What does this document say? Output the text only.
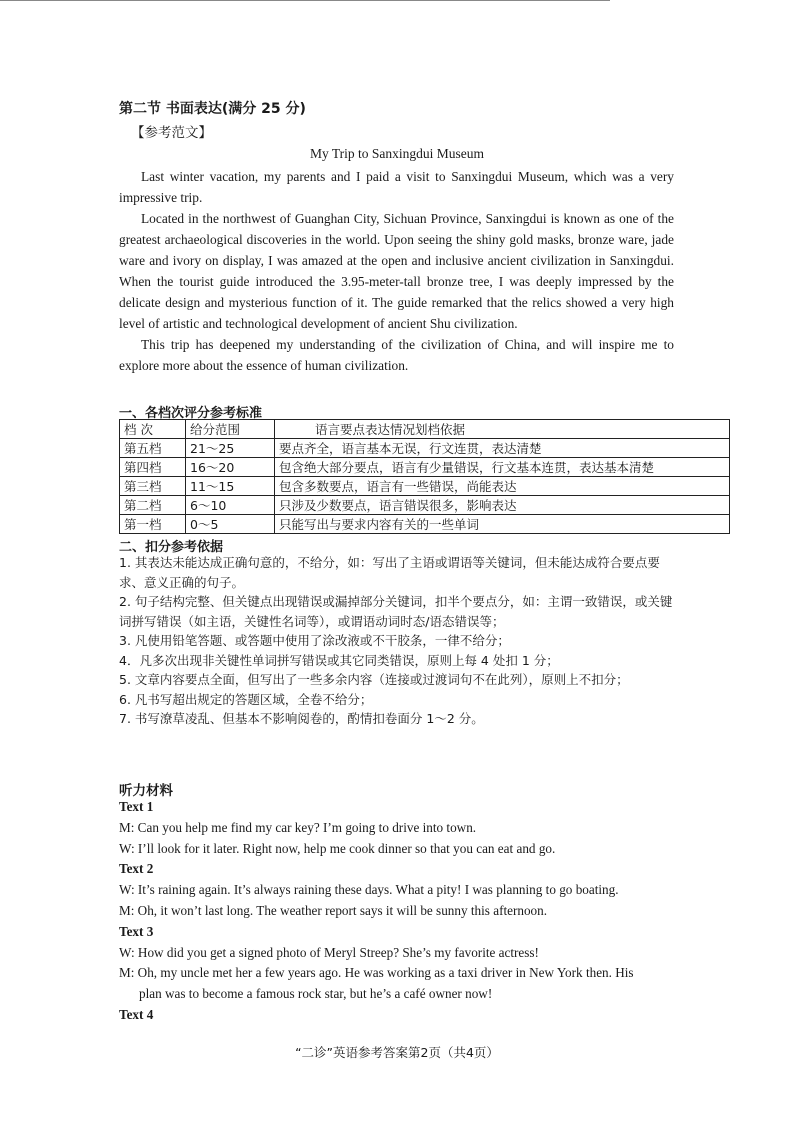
第二节 书面表达(满分 25 分)
【参考范文】
My Trip to Sanxingdui Museum

Last winter vacation, my parents and I paid a visit to Sanxingdui Museum, which was a very impressive trip.

Located in the northwest of Guanghan City, Sichuan Province, Sanxingdui is known as one of the greatest archaeological discoveries in the world. Upon seeing the shiny gold masks, bronze ware, jade ware and ivory on display, I was amazed at the open and inclusive ancient civilization in Sanxingdui. When the tourist guide introduced the 3.95-meter-tall bronze tree, I was deeply impressed by the delicate design and mysterious function of it. The guide remarked that the relics showed a very high level of artistic and technological development of ancient Shu civilization.

This trip has deepened my understanding of the civilization of China, and will inspire me to explore more about the essence of human civilization.

一、各档次评分参考标准
档 次	给分范围	语言要点表达情况划档依据
第五档	21～25	要点齐全，语言基本无误，行文连贯，表达清楚
第四档	16～20	包含绝大部分要点，语言有少量错误，行文基本连贯，表达基本清楚
第三档	11～15	包含多数要点，语言有一些错误，尚能表达
第二档	6～10	只涉及少数要点，语言错误很多，影响表达
第一档	0～5	只能写出与要求内容有关的一些单词
二、扣分参考依据
1. 其表达未能达成正确句意的，不给分，如：写出了主语或谓语等关键词，但未能达成符合要点要求、意义正确的句子。
2. 句子结构完整、但关键点出现错误或漏掉部分关键词，扣半个要点分，如：主谓一致错误，或关键词拼写错误（如主语，关键性名词等），或谓语动词时态/语态错误等；
3. 凡使用铅笔答题、或答题中使用了涂改液或不干胶条，一律不给分；
4．凡多次出现非关键性单词拼写错误或其它同类错误，原则上每 4 处扣 1 分；
5. 文章内容要点全面，但写出了一些多余内容（连接或过渡词句不在此列），原则上不扣分；
6. 凡书写超出规定的答题区域，全卷不给分；
7. 书写潦草凌乱、但基本不影响阅卷的，酌情扣卷面分 1～2 分。
听力材料
Text 1
M: Can you help me find my car key? I’m going to drive into town.
W: I’ll look for it later. Right now, help me cook dinner so that you can eat and go.
Text 2
W: It’s raining again. It’s always raining these days. What a pity! I was planning to go boating.
M: Oh, it won’t last long. The weather report says it will be sunny this afternoon.
Text 3
W: How did you get a signed photo of Meryl Streep? She’s my favorite actress!
M: Oh, my uncle met her a few years ago. He was working as a taxi driver in New York then. His
plan was to become a famous rock star, but he’s a café owner now!
Text 4
“二诊”英语参考答案第2页（共4页）
